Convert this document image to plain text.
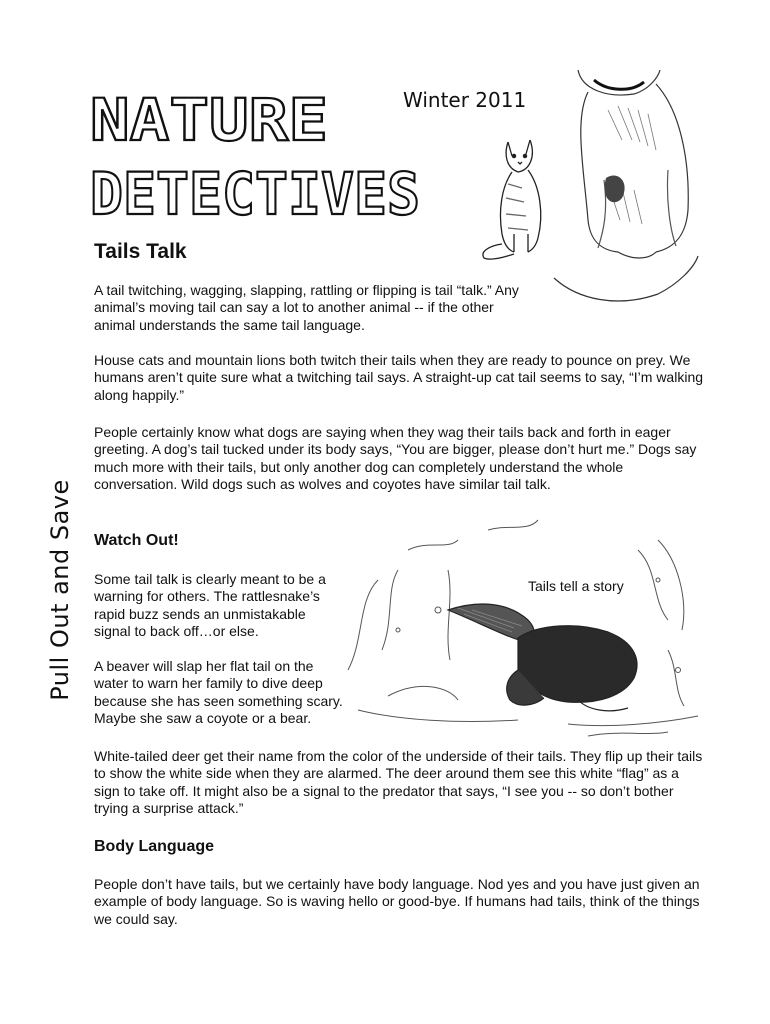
NATURE
DETECTIVES
Winter 2011
Pull Out and Save
Tails Talk
A tail twitching, wagging, slapping, rattling or flipping is tail “talk.” Any animal’s moving tail can say a lot to another animal -- if the other animal understands the same tail language.
House cats and mountain lions both twitch their tails when they are ready to pounce on prey. We humans aren’t quite sure what a twitching tail says. A straight-up cat tail seems to say, “I’m walking along happily.”
People certainly know what dogs are saying when they wag their tails back and forth in eager greeting. A dog’s tail tucked under its body says, “You are bigger, please don’t hurt me.” Dogs say much more with their tails, but only another dog can completely understand the whole conversation. Wild dogs such as wolves and coyotes have similar tail talk.
Watch Out!
Some tail talk is clearly meant to be a warning for others. The rattlesnake’s rapid buzz sends an unmistakable signal to back off…or else.
A beaver will slap her flat tail on the water to warn her family to dive deep because she has seen something scary. Maybe she saw a coyote or a bear.
White-tailed deer get their name from the color of the underside of their tails. They flip up their tails to show the white side when they are alarmed. The deer around them see this white “flag” as a sign to take off. It might also be a signal to the predator that says, “I see you -- so don’t bother trying a surprise attack.”
Tails tell a story
Body Language
People don’t have tails, but we certainly have body language. Nod yes and you have just given an example of body language. So is waving hello or good-bye. If humans had tails, think of the things we could say.
